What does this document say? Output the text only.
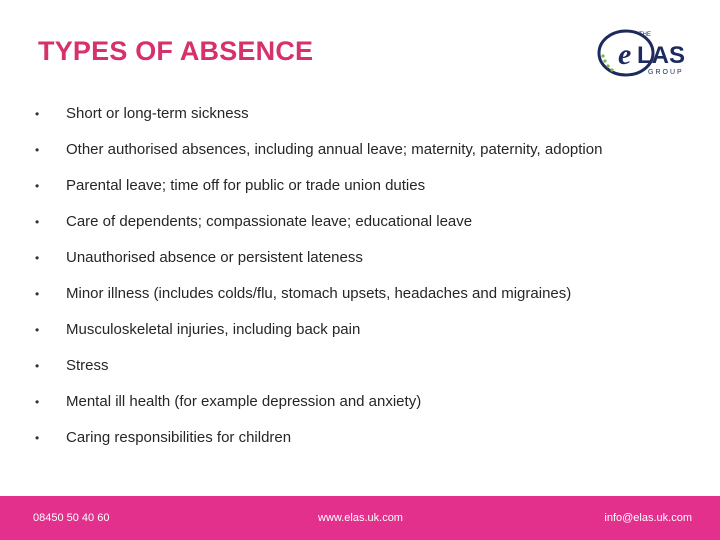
TYPES OF ABSENCE	e LAS
THE
GROUP
• Short or long-term sickness
• Other authorised absences, including annual leave; maternity, paternity, adoption
• Parental leave; time off for public or trade union duties
• Care of dependents; compassionate leave; educational leave
• Unauthorised absence or persistent lateness
• Minor illness (includes colds/flu, stomach upsets, headaches and migraines)
• Musculoskeletal injuries, including back pain
• Stress
• Mental ill health (for example depression and anxiety)
• Caring responsibilities for children
08450 50 40 60	www.elas.uk.com	info@elas.uk.com
